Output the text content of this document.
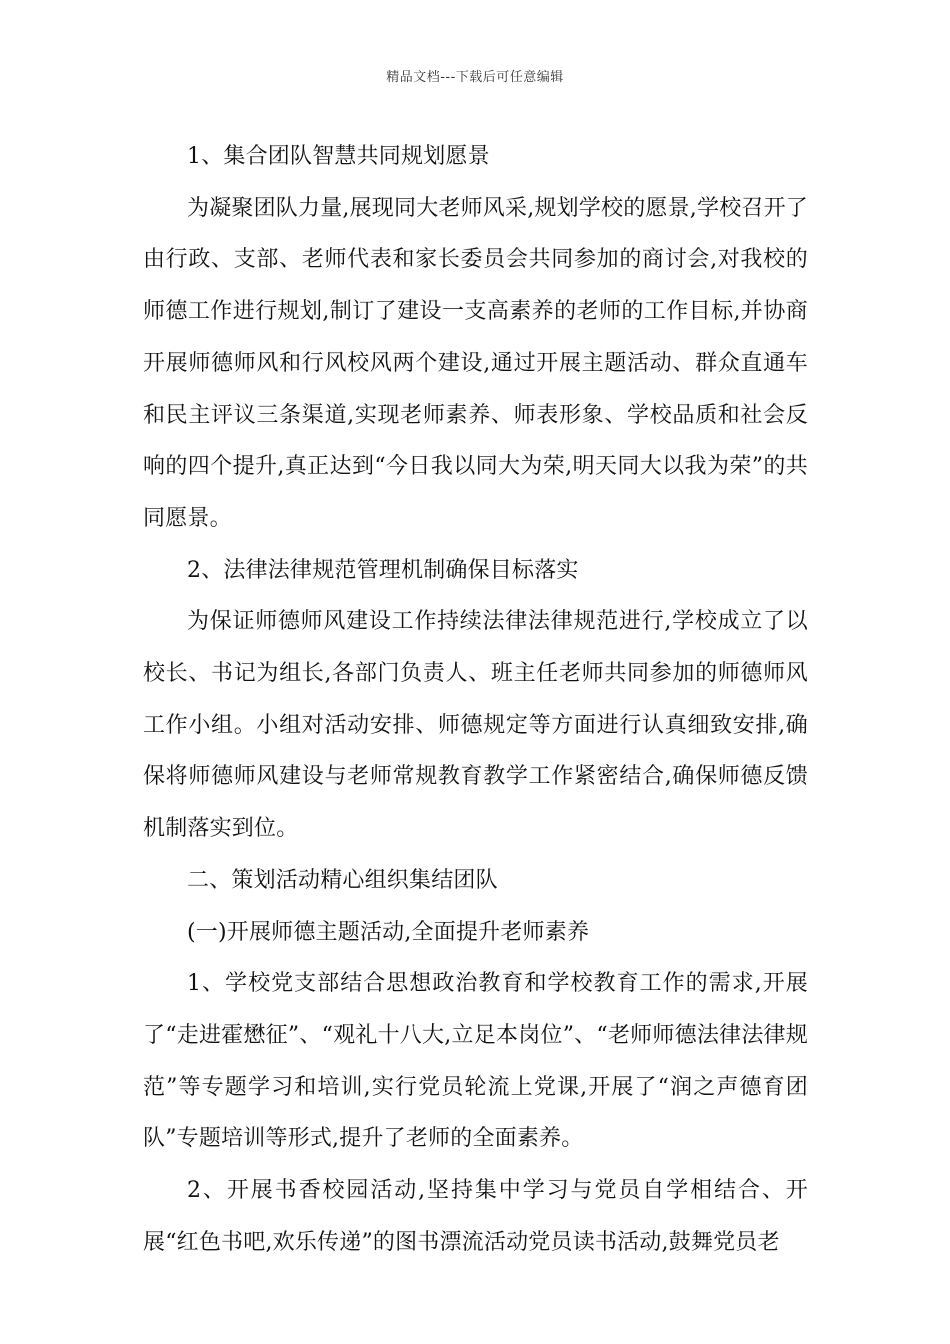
精品文档---下载后可任意编辑

1、集合团队智慧共同规划愿景

为凝聚团队力量,展现同大老师风采,规划学校的愿景,学校召开了由行政、支部、老师代表和家长委员会共同参加的商讨会,对我校的师德工作进行规划,制订了建设一支高素养的老师的工作目标,并协商开展师德师风和行风校风两个建设,通过开展主题活动、群众直通车和民主评议三条渠道,实现老师素养、师表形象、学校品质和社会反响的四个提升,真正达到“今日我以同大为荣,明天同大以我为荣”的共同愿景。

2、法律法律规范管理机制确保目标落实

为保证师德师风建设工作持续法律法律规范进行,学校成立了以校长、书记为组长,各部门负责人、班主任老师共同参加的师德师风工作小组。小组对活动安排、师德规定等方面进行认真细致安排,确保将师德师风建设与老师常规教育教学工作紧密结合,确保师德反馈机制落实到位。

二、策划活动精心组织集结团队

(一)开展师德主题活动,全面提升老师素养

1、学校党支部结合思想政治教育和学校教育工作的需求,开展了“走进霍懋征”、“观礼十八大,立足本岗位”、“老师师德法律法律规范”等专题学习和培训,实行党员轮流上党课,开展了“润之声德育团队”专题培训等形式,提升了老师的全面素养。

2、开展书香校园活动,坚持集中学习与党员自学相结合、开展“红色书吧,欢乐传递”的图书漂流活动党员读书活动,鼓舞党员老
